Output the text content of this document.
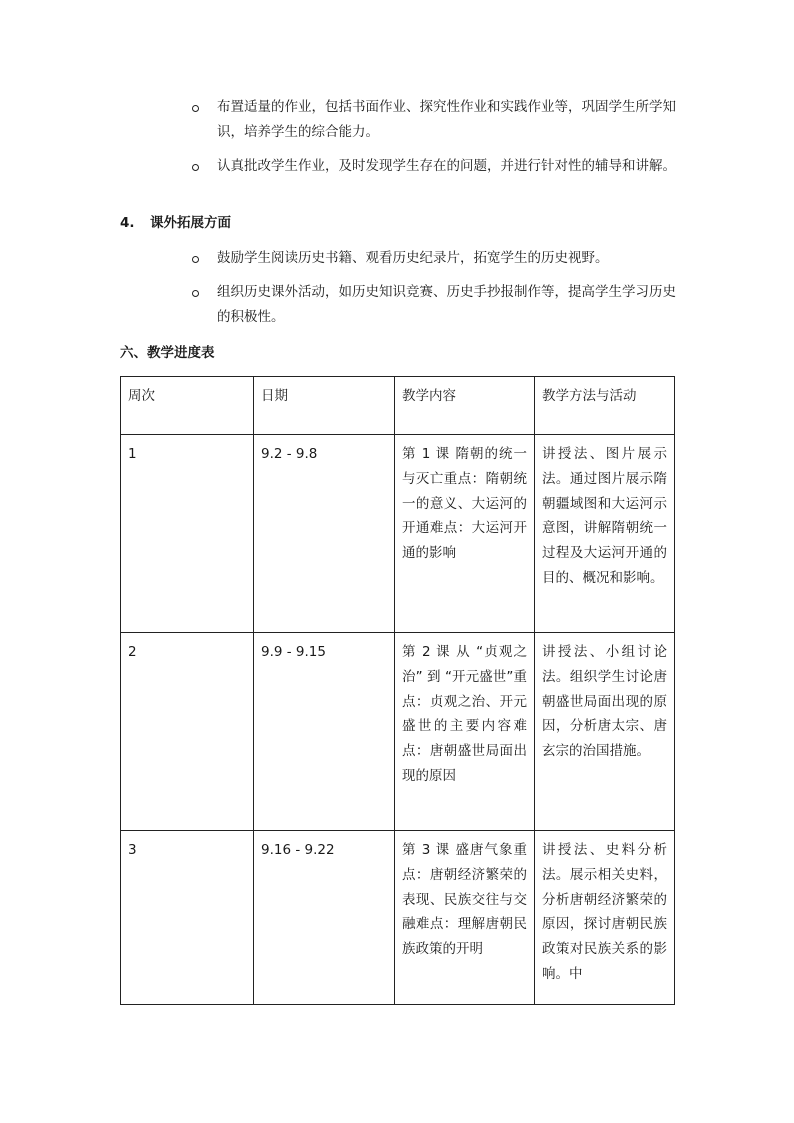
布置适量的作业，包括书面作业、探究性作业和实践作业等，巩固学生所学知识，培养学生的综合能力。
认真批改学生作业，及时发现学生存在的问题，并进行针对性的辅导和讲解。
4. 课外拓展方面
鼓励学生阅读历史书籍、观看历史纪录片，拓宽学生的历史视野。
组织历史课外活动，如历史知识竞赛、历史手抄报制作等，提高学生学习历史的积极性。
六、教学进度表
周次	日期	教学内容	教学方法与活动
1	9.2 - 9.8	第 1 课 隋朝的统一与灭亡重点：隋朝统一的意义、大运河的开通难点：大运河开通的影响	讲授法、图片展示法。通过图片展示隋朝疆域图和大运河示意图，讲解隋朝统一过程及大运河开通的目的、概况和影响。
2	9.9 - 9.15	第 2 课 从 “贞观之治” 到 “开元盛世”重点：贞观之治、开元盛世的主要内容难点：唐朝盛世局面出现的原因	讲授法、小组讨论法。组织学生讨论唐朝盛世局面出现的原因，分析唐太宗、唐玄宗的治国措施。
3	9.16 - 9.22	第 3 课 盛唐气象重点：唐朝经济繁荣的表现、民族交往与交融难点：理解唐朝民族政策的开明	讲授法、史料分析法。展示相关史料，分析唐朝经济繁荣的原因，探讨唐朝民族政策对民族关系的影响。中
